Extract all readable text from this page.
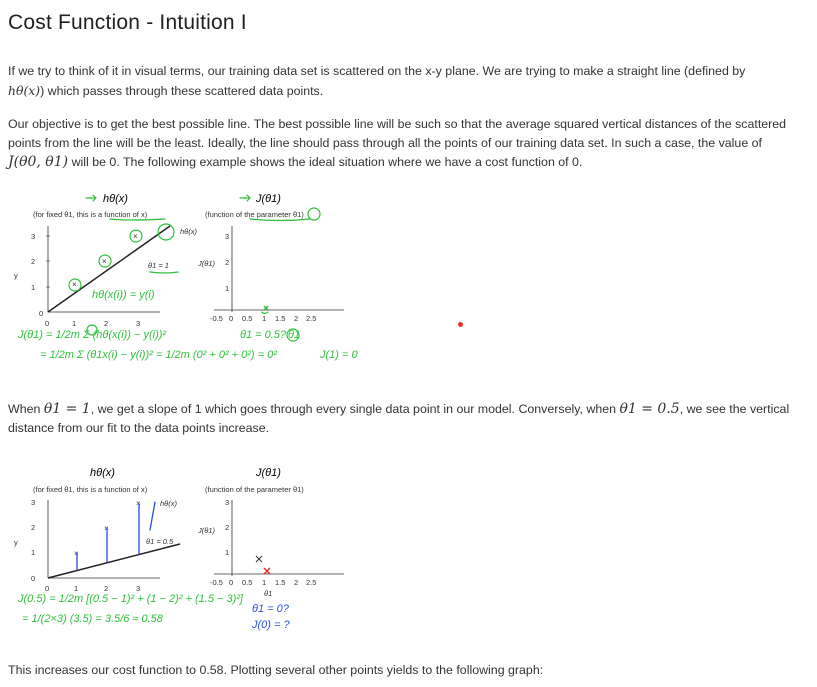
Cost Function - Intuition I
If we try to think of it in visual terms, our training data set is scattered on the x-y plane. We are trying to make a straight line (defined by
hθ(x)) which passes through these scattered data points.
Our objective is to get the best possible line. The best possible line will be such so that the average squared vertical distances of the scattered
points from the line will be the least. Ideally, the line should pass through all the points of our training data set. In such a case, the value of
J(θ0, θ1) will be 0. The following example shows the ideal situation where we have a cost function of 0.
hθ(x)
(for fixed θ1, this is a function of x)
J(θ1)
(function of the parameter θ1)
3
2
1
0
y
0	1	2	3
×
×
×
hθ(x)
θ1 = 1
hθ(x(i)) = y(i)
J(θ1) = 1/2m Σ (hθ(x(i)) − y(i))²
= 1/2m Σ (θ1x(i) − y(i))² = 1/2m (0² + 0² + 0²) = 0²
3
2
1
J(θ1)
-0.5 0 0.5 1 1.5 2 2.5
θ1 = 0.5? θ1
J(1) = 0
When θ1 = 1, we get a slope of 1 which goes through every single data point in our model. Conversely, when θ1 = 0.5, we see the vertical
distance from our fit to the data points increase.
hθ(x)
(for fixed θ1, this is a function of x)
J(θ1)
(function of the parameter θ1)
3
2
1
0
y
0	1	2	3
×
×
×	hθ(x)
θ1 = 0.5
J(0.5) = 1/2m [(0.5 − 1)² + (1 − 2)² + (1.5 − 3)²]
= 1/(2×3) (3.5) = 3.5/6 ≈ 0.58
3
2
1
J(θ1)
-0.5 0 0.5 1 1.5 2 2.5
θ1
θ1 = 0?
J(0) = ?
This increases our cost function to 0.58. Plotting several other points yields to the following graph:
